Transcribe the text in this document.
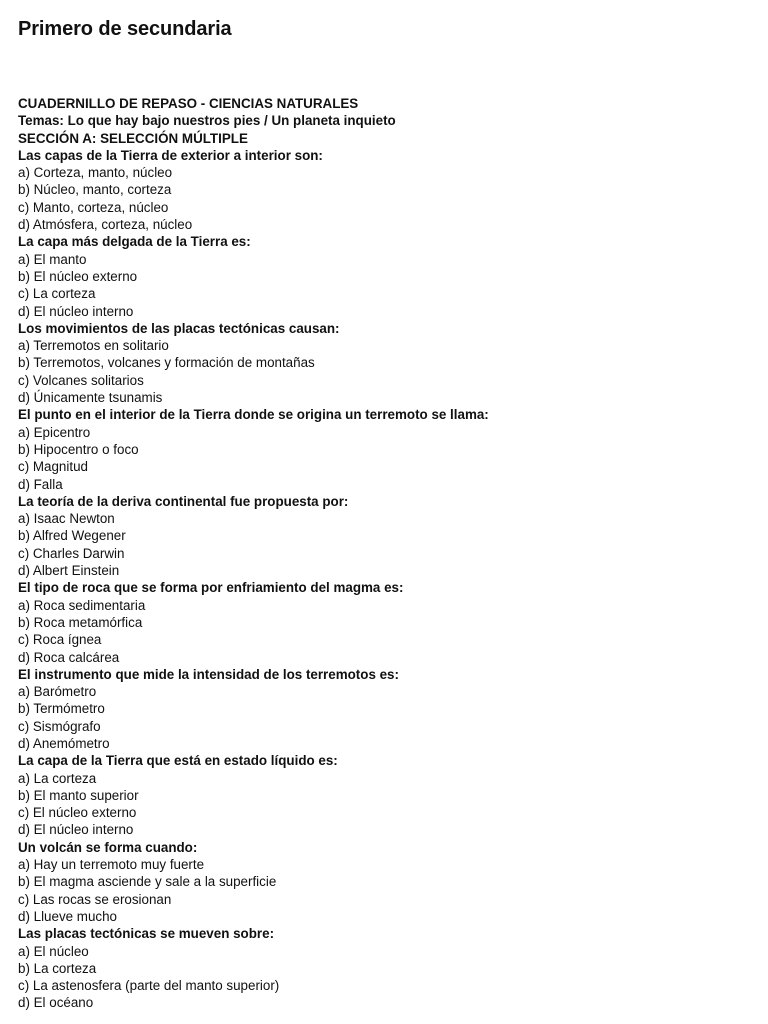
Primero de secundaria

CUADERNILLO DE REPASO - CIENCIAS NATURALES

Temas: Lo que hay bajo nuestros pies / Un planeta inquieto

SECCIÓN A: SELECCIÓN MÚLTIPLE

Las capas de la Tierra de exterior a interior son:

a) Corteza, manto, núcleo

b) Núcleo, manto, corteza

c) Manto, corteza, núcleo

d) Atmósfera, corteza, núcleo

La capa más delgada de la Tierra es:

a) El manto

b) El núcleo externo

c) La corteza

d) El núcleo interno

Los movimientos de las placas tectónicas causan:

a) Terremotos en solitario

b) Terremotos, volcanes y formación de montañas

c) Volcanes solitarios

d) Únicamente tsunamis

El punto en el interior de la Tierra donde se origina un terremoto se llama:

a) Epicentro

b) Hipocentro o foco

c) Magnitud

d) Falla

La teoría de la deriva continental fue propuesta por:

a) Isaac Newton

b) Alfred Wegener

c) Charles Darwin

d) Albert Einstein

El tipo de roca que se forma por enfriamiento del magma es:

a) Roca sedimentaria

b) Roca metamórfica

c) Roca ígnea

d) Roca calcárea

El instrumento que mide la intensidad de los terremotos es:

a) Barómetro

b) Termómetro

c) Sismógrafo

d) Anemómetro

La capa de la Tierra que está en estado líquido es:

a) La corteza

b) El manto superior

c) El núcleo externo

d) El núcleo interno

Un volcán se forma cuando:

a) Hay un terremoto muy fuerte

b) El magma asciende y sale a la superficie

c) Las rocas se erosionan

d) Llueve mucho

Las placas tectónicas se mueven sobre:

a) El núcleo

b) La corteza

c) La astenosfera (parte del manto superior)

d) El océano
